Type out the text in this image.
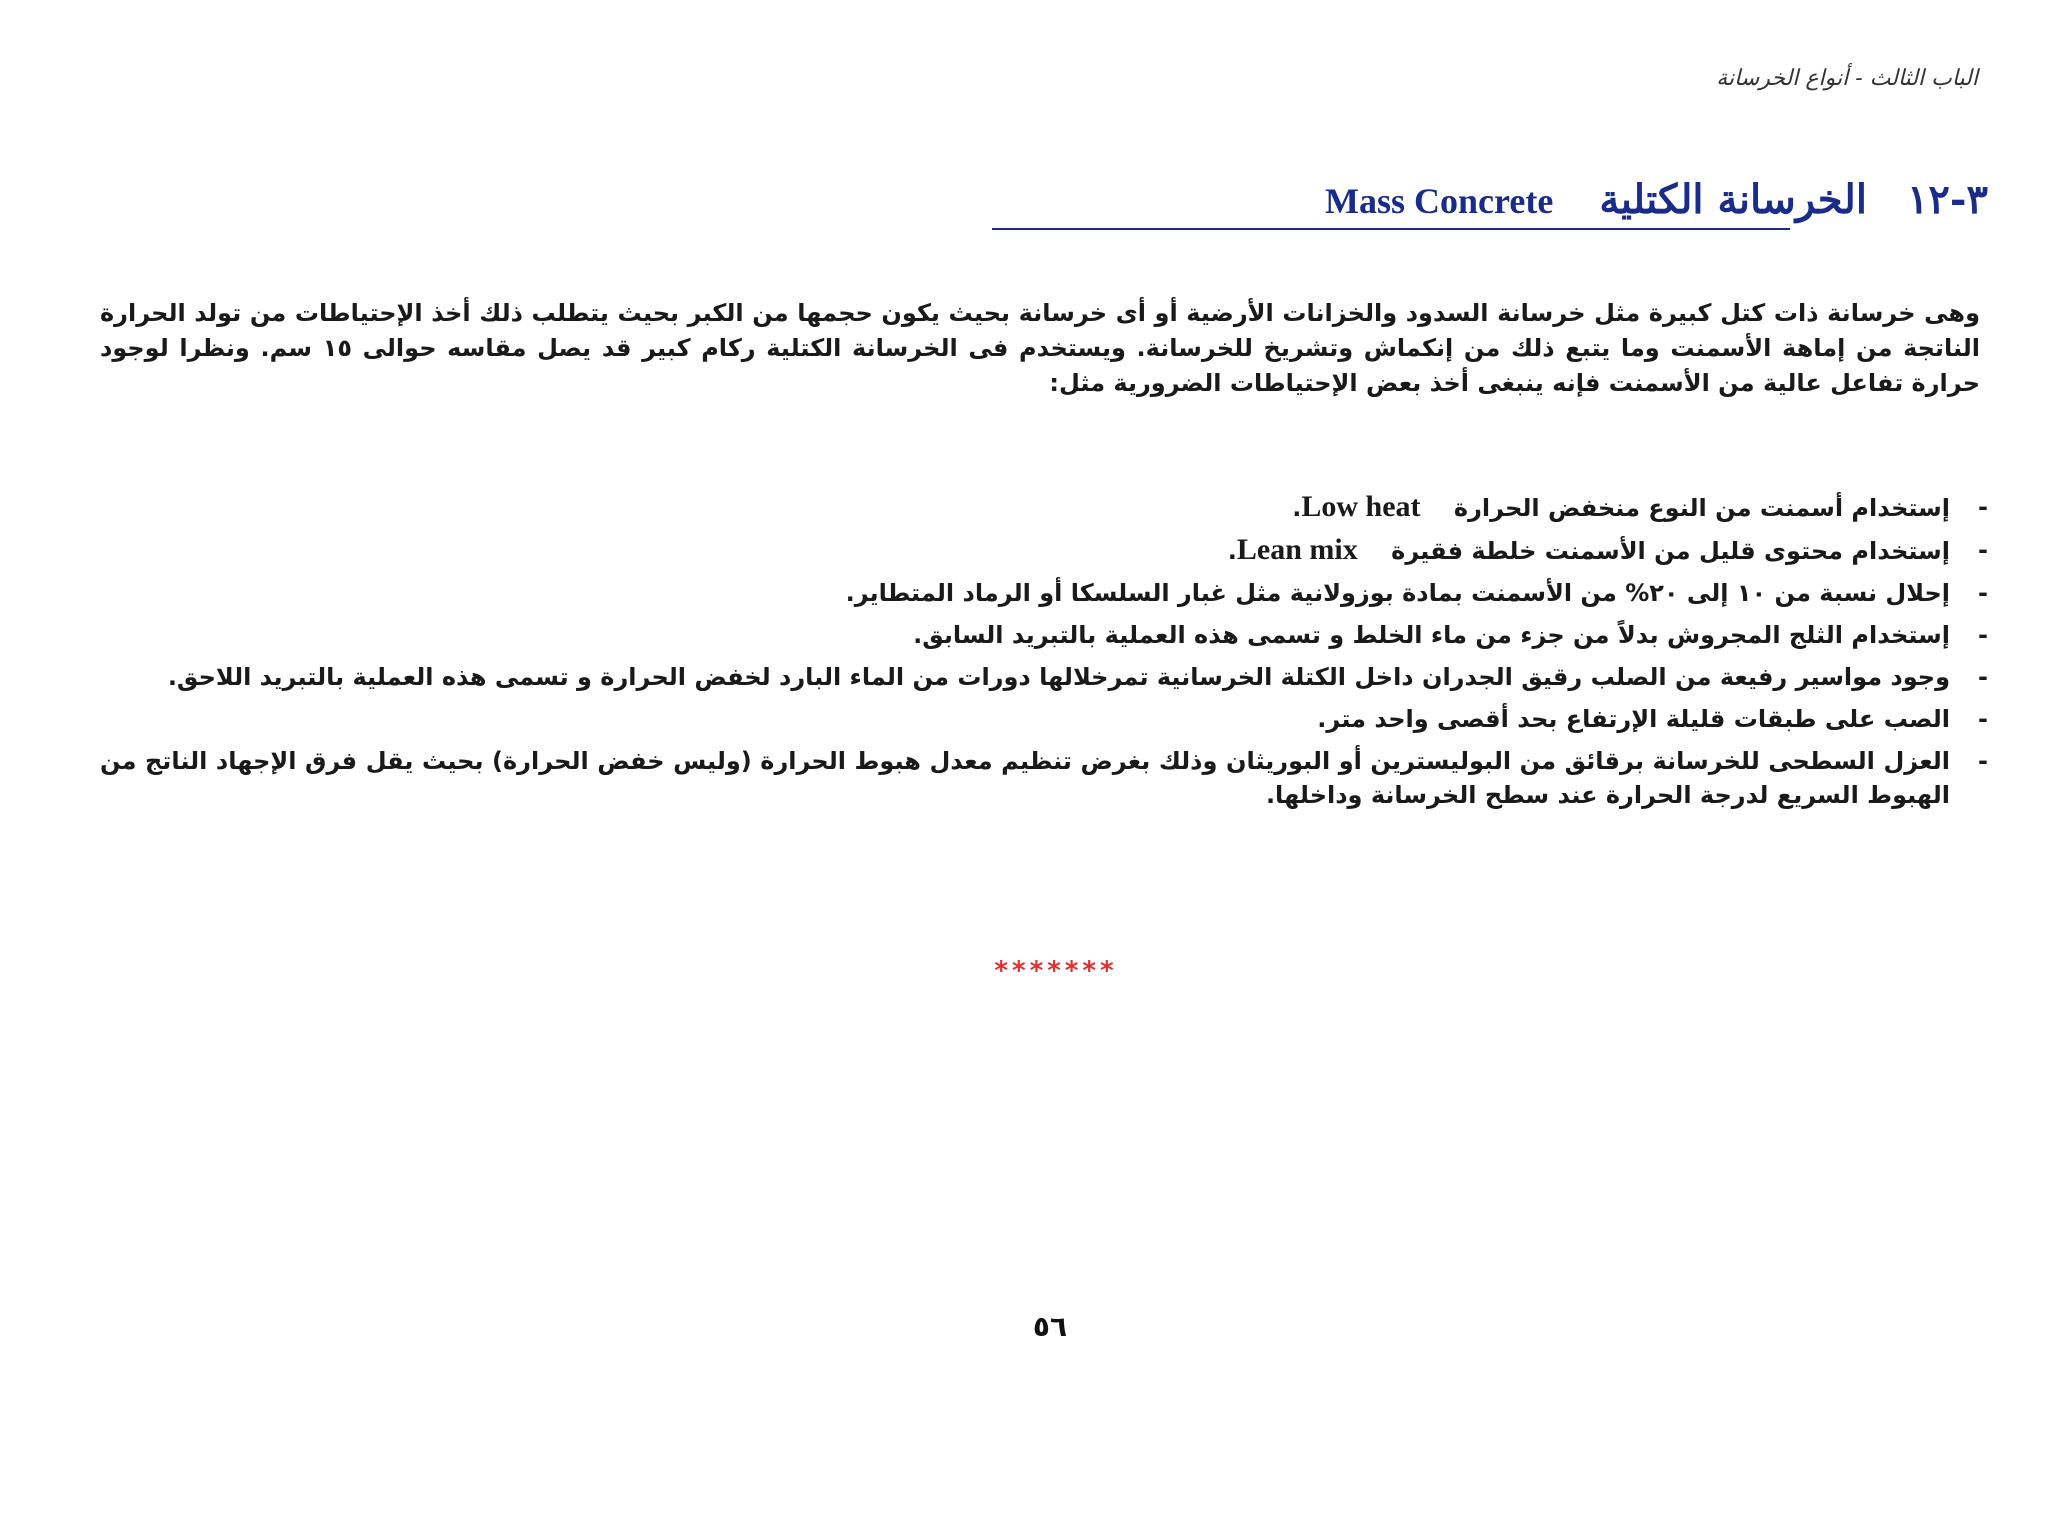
الباب الثالث - أنواع الخرسانة
٣-١٢
الخرسانة الكتلية
Mass Concrete

وهى خرسانة ذات كتل كبيرة مثل خرسانة السدود والخزانات الأرضية أو أى خرسانة بحيث يكون حجمها من الكبر بحيث يتطلب ذلك أخذ الإحتياطات من تولد الحرارة الناتجة من إماهة الأسمنت وما يتبع ذلك من إنكماش وتشريخ للخرسانة. ويستخدم فى الخرسانة الكتلية ركام كبير قد يصل مقاسه حوالى ١٥ سم. ونظرا لوجود حرارة تفاعل عالية من الأسمنت فإنه ينبغى أخذ بعض الإحتياطات الضرورية مثل:

-
إستخدام أسمنت من النوع منخفض الحرارة    Low heat.
-
إستخدام محتوى قليل من الأسمنت خلطة فقيرة    Lean mix.
-
إحلال نسبة من ١٠ إلى ٢٠% من الأسمنت بمادة بوزولانية مثل غبار السلسكا أو الرماد المتطاير.
-
إستخدام الثلج المجروش بدلاً من جزء من ماء الخلط و تسمى هذه العملية بالتبريد السابق.
-
وجود مواسير رفيعة من الصلب رقيق الجدران داخل الكتلة الخرسانية تمرخلالها دورات من الماء البارد لخفض الحرارة و تسمى هذه العملية بالتبريد اللاحق.
-
الصب على طبقات قليلة الإرتفاع بحد أقصى واحد متر.
-
العزل السطحى للخرسانة برقائق من البوليسترين أو البوريثان وذلك بغرض تنظيم معدل هبوط الحرارة (وليس خفض الحرارة) بحيث يقل فرق الإجهاد الناتج من الهبوط السريع لدرجة الحرارة عند سطح الخرسانة وداخلها.
*******
٥٦
